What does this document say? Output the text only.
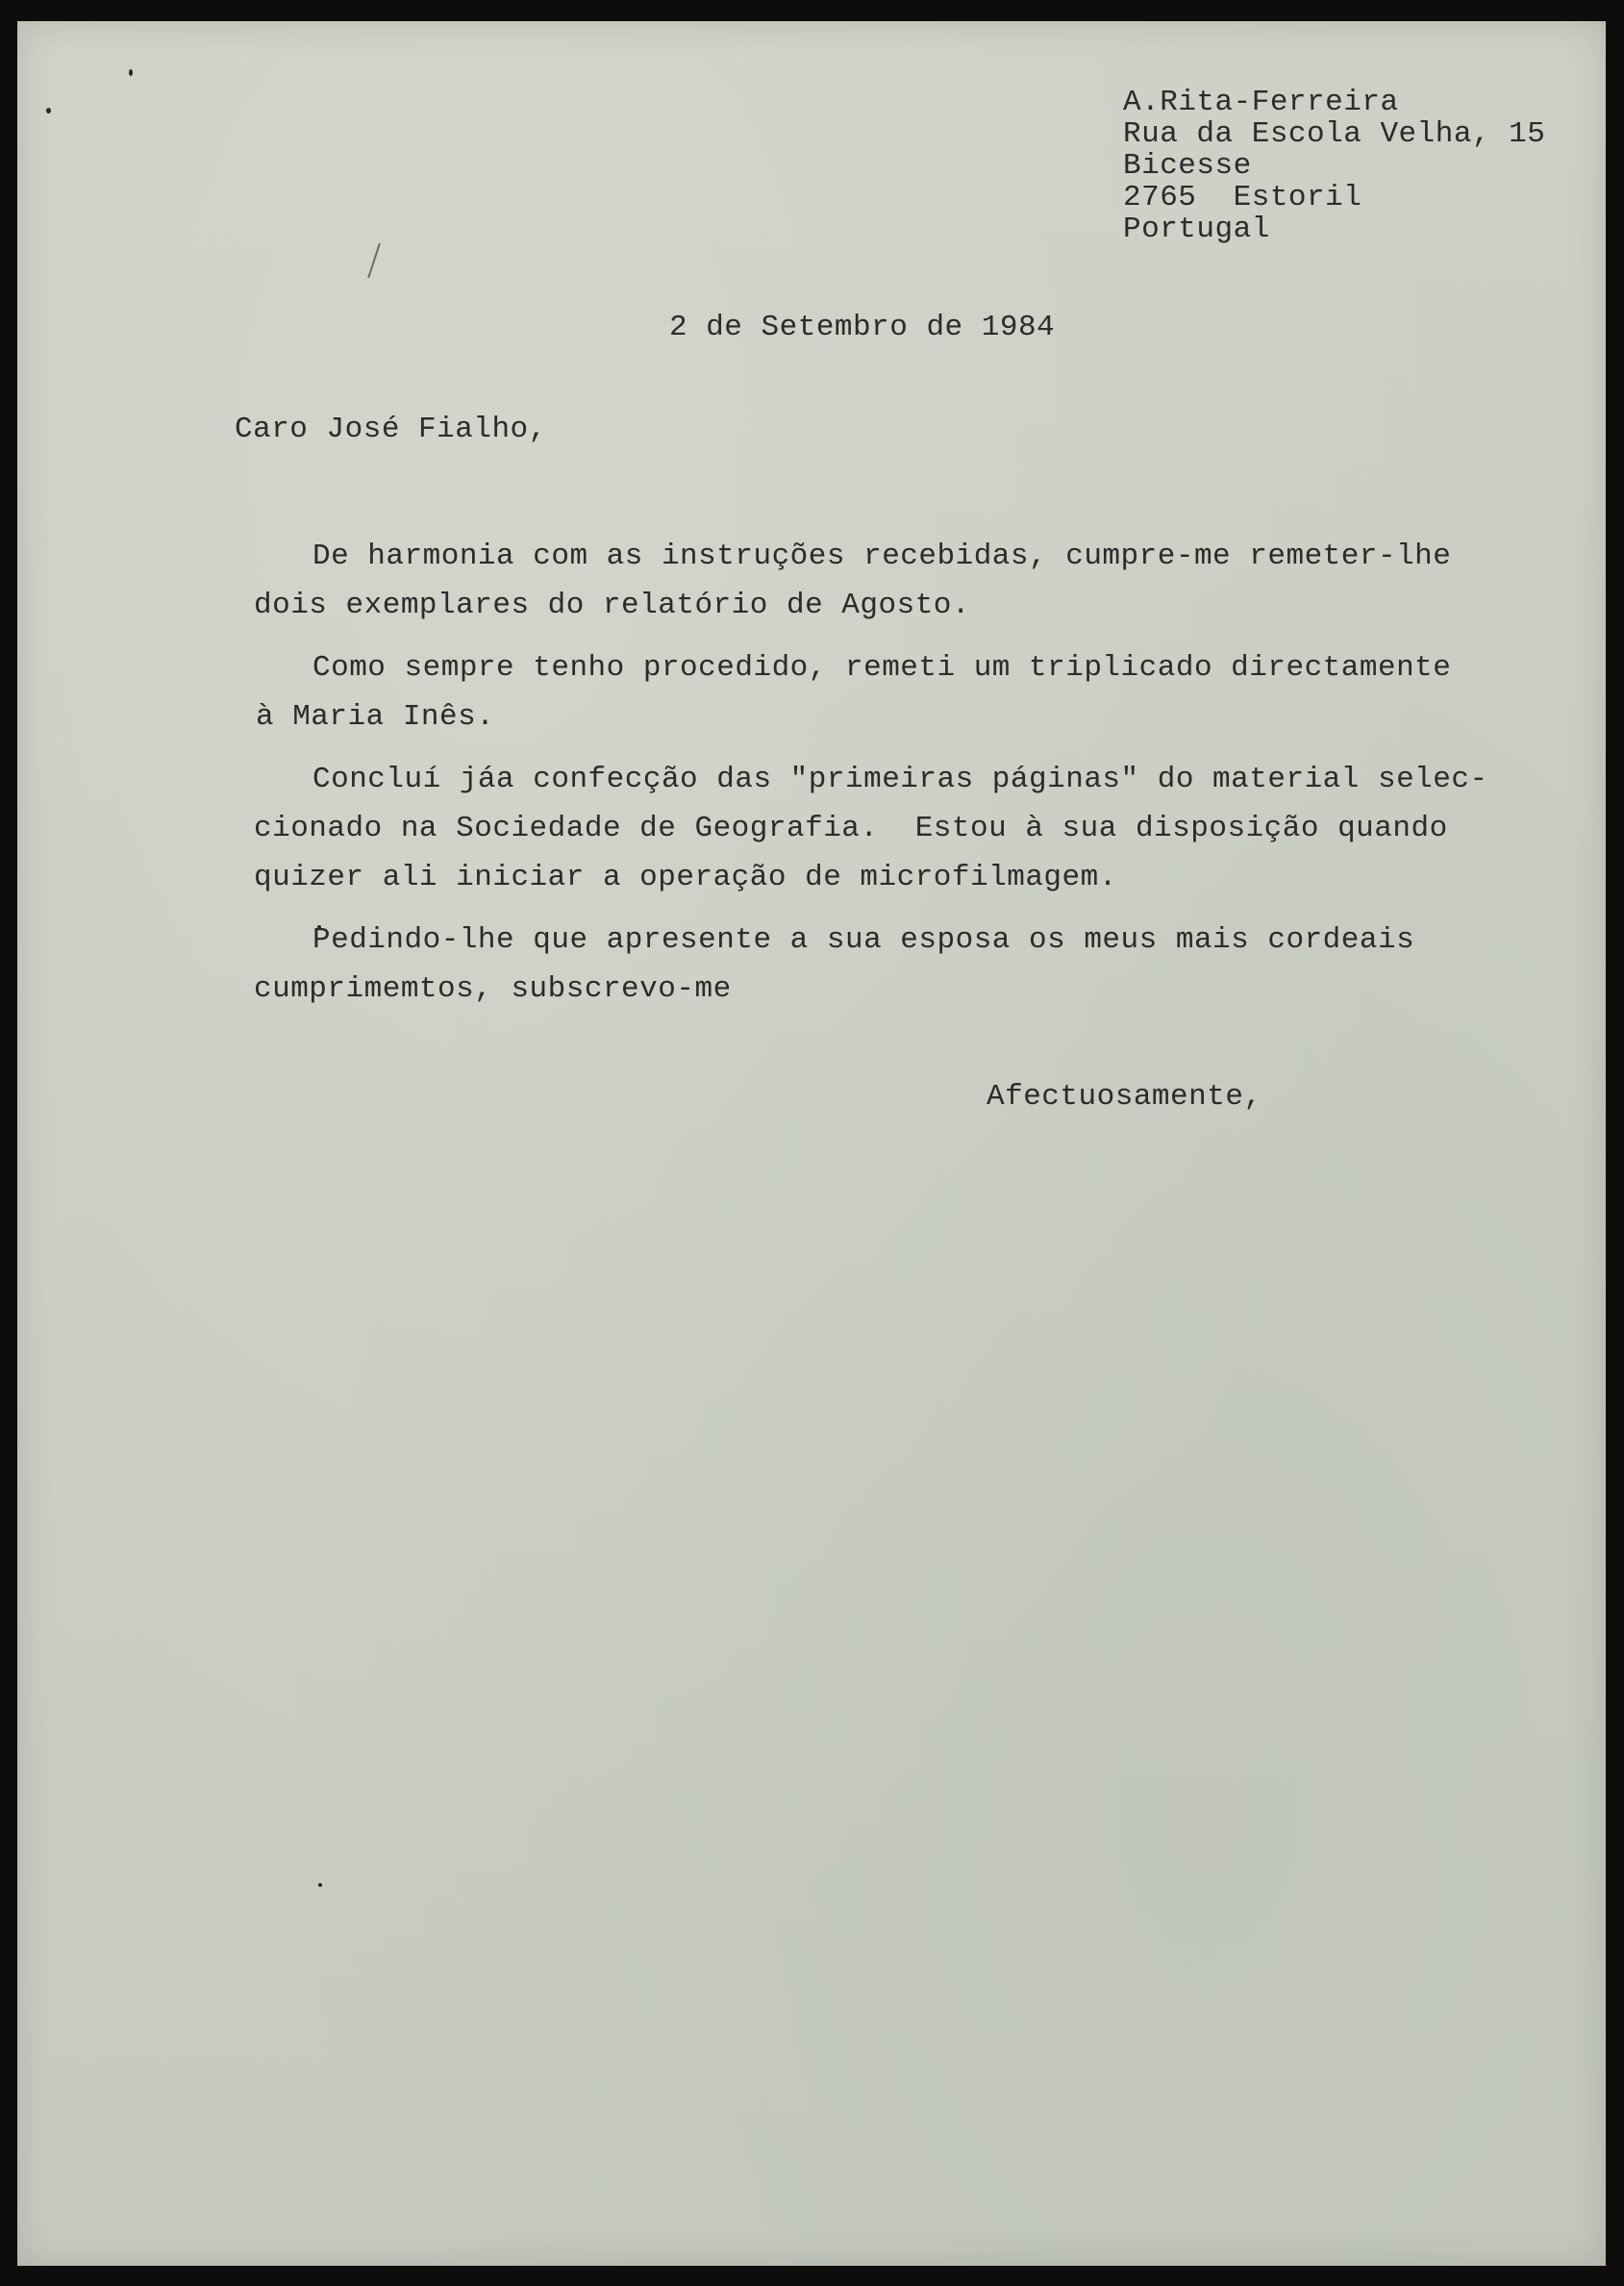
A.Rita-Ferreira

Rua da Escola Velha, 15

Bicesse

2765  Estoril

Portugal

2 de Setembro de 1984
Caro José Fialho,
De harmonia com as instruções recebidas, cumpre-me remeter-lhe
dois exemplares do relatório de Agosto.
Como sempre tenho procedido, remeti um triplicado directamente
à Maria Inês.
Concluí jáa confecção das "primeiras páginas" do material selec-
cionado na Sociedade de Geografia.  Estou à sua disposição quando
quizer ali iniciar a operação de microfilmagem.
Pedindo-lhe que apresente a sua esposa os meus mais cordeais
cumprimemtos, subscrevo-me
Afectuosamente,
